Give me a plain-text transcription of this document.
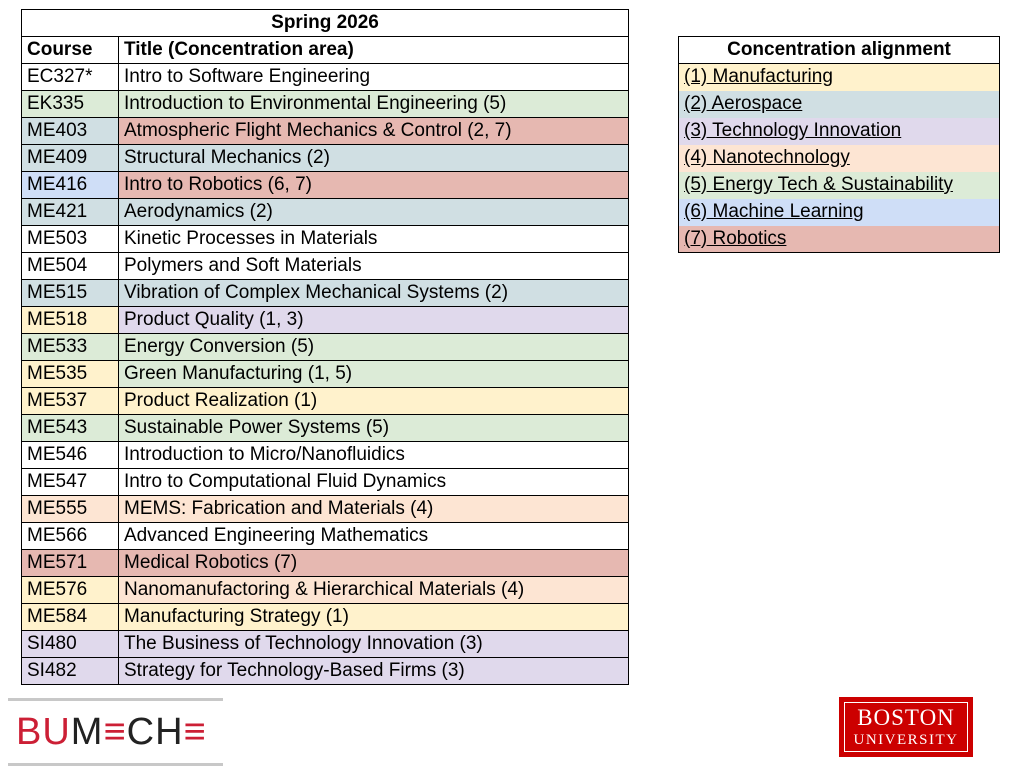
Spring 2026	
Course	Title (Concentration area)
EC327*	Intro to Software Engineering
EK335	Introduction to Environmental Engineering (5)
ME403	Atmospheric Flight Mechanics & Control (2, 7)
ME409	Structural Mechanics (2)
ME416	Intro to Robotics (6, 7)
ME421	Aerodynamics (2)
ME503	Kinetic Processes in Materials
ME504	Polymers and Soft Materials
ME515	Vibration of Complex Mechanical Systems (2)
ME518	Product Quality (1, 3)
ME533	Energy Conversion (5)
ME535	Green Manufacturing (1, 5)
ME537	Product Realization (1)
ME543	Sustainable Power Systems (5)
ME546	Introduction to Micro/Nanofluidics
ME547	Intro to Computational Fluid Dynamics
ME555	MEMS: Fabrication and Materials (4)
ME566	Advanced Engineering Mathematics
ME571	Medical Robotics (7)
ME576	Nanomanufactoring & Hierarchical Materials (4)
ME584	Manufacturing Strategy (1)
SI480	The Business of Technology Innovation (3)
SI482	Strategy for Technology-Based Firms (3)
Concentration alignment
(1) Manufacturing
(2) Aerospace
(3) Technology Innovation
(4) Nanotechnology
(5) Energy Tech & Sustainability
(6) Machine Learning
(7) Robotics
BUM≡CH≡	BOSTON
UNIVERSITY
